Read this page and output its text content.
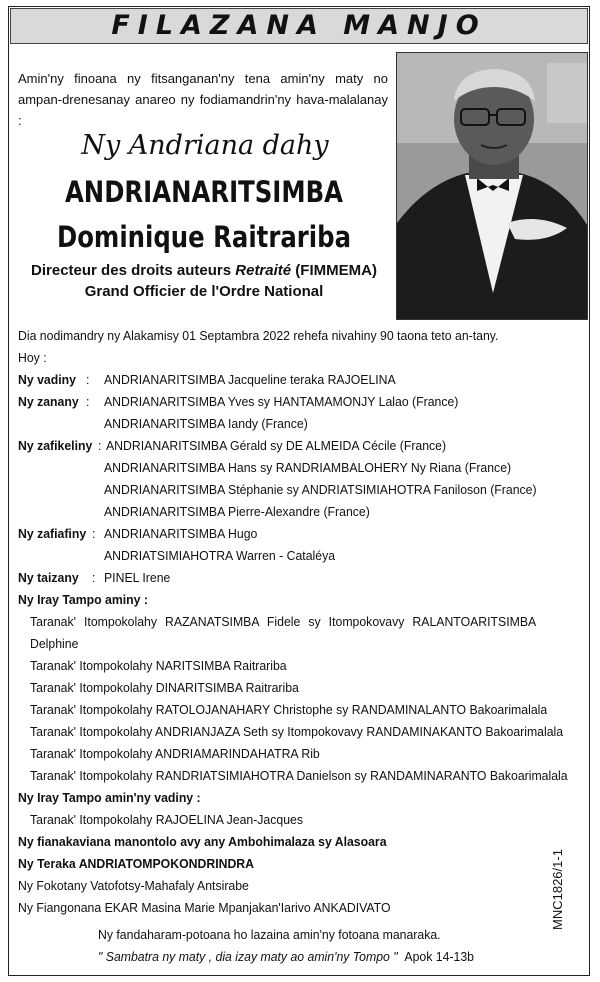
FILAZANA MANJO
Amin'ny finoana ny fitsanganan'ny tena amin'ny maty no ampan-drenesanay anareo ny fodiamandrin'ny hava-malalanay :
Ny Andriana dahy
ANDRIANARITSIMBA
Dominique Raitrariba
Directeur des droits auteurs Retraité (FIMMEMA)
Grand Officier de l'Ordre National
Dia nodimandry ny Alakamisy 01 Septambra 2022 rehefa nivahiny 90 taona teto an-tany.
Hoy :
Ny vadiny : ANDRIANARITSIMBA Jacqueline teraka RAJOELINA
Ny zanany : ANDRIANARITSIMBA Yves sy HANTAMAMONJY Lalao (France)
ANDRIANARITSIMBA Iandy (France)
Ny zafikeliny : ANDRIANARITSIMBA Gérald sy DE ALMEIDA Cécile (France)
ANDRIANARITSIMBA Hans sy RANDRIAMBALOHERY Ny Riana (France)
ANDRIANARITSIMBA Stéphanie sy ANDRIATSIMIAHOTRA Faniloson (France)
ANDRIANARITSIMBA Pierre-Alexandre (France)
Ny zafiafiny : ANDRIANARITSIMBA Hugo
ANDRIATSIMIAHOTRA Warren - Cataléya
Ny taizany : PINEL Irene
Ny Iray Tampo aminy :
Taranak' Itompokolahy RAZANATSIMBA Fidele sy Itompokovavy RALANTOARITSIMBA
Delphine
Taranak' Itompokolahy NARITSIMBA Raitrariba
Taranak' Itompokolahy DINARITSIMBA Raitrariba
Taranak' Itompokolahy RATOLOJANAHARY Christophe sy RANDAMINALANTO Bakoarimalala
Taranak' Itompokolahy ANDRIANJAZA Seth sy Itompokovavy RANDAMINAKANTO Bakoarimalala
Taranak' Itompokolahy ANDRIAMARINDAHATRA Rib
Taranak' Itompokolahy RANDRIATSIMIAHOTRA Danielson sy RANDAMINARANTO Bakoarimalala
Ny Iray Tampo amin'ny vadiny :
Taranak' Itompokolahy RAJOELINA Jean-Jacques
Ny fianakaviana manontolo avy any Ambohimalaza sy Alasoara
Ny Teraka ANDRIATOMPOKONDRINDRA
Ny Fokotany Vatofotsy-Mahafaly Antsirabe
Ny Fiangonana EKAR Masina Marie Mpanjakan'Iarivo ANKADIVATO
Ny fandaharam-potoana ho lazaina amin'ny fotoana manaraka.
" Sambatra ny maty , dia izay maty ao amin'ny Tompo " Apok 14-13b
MNC1826/1-1
